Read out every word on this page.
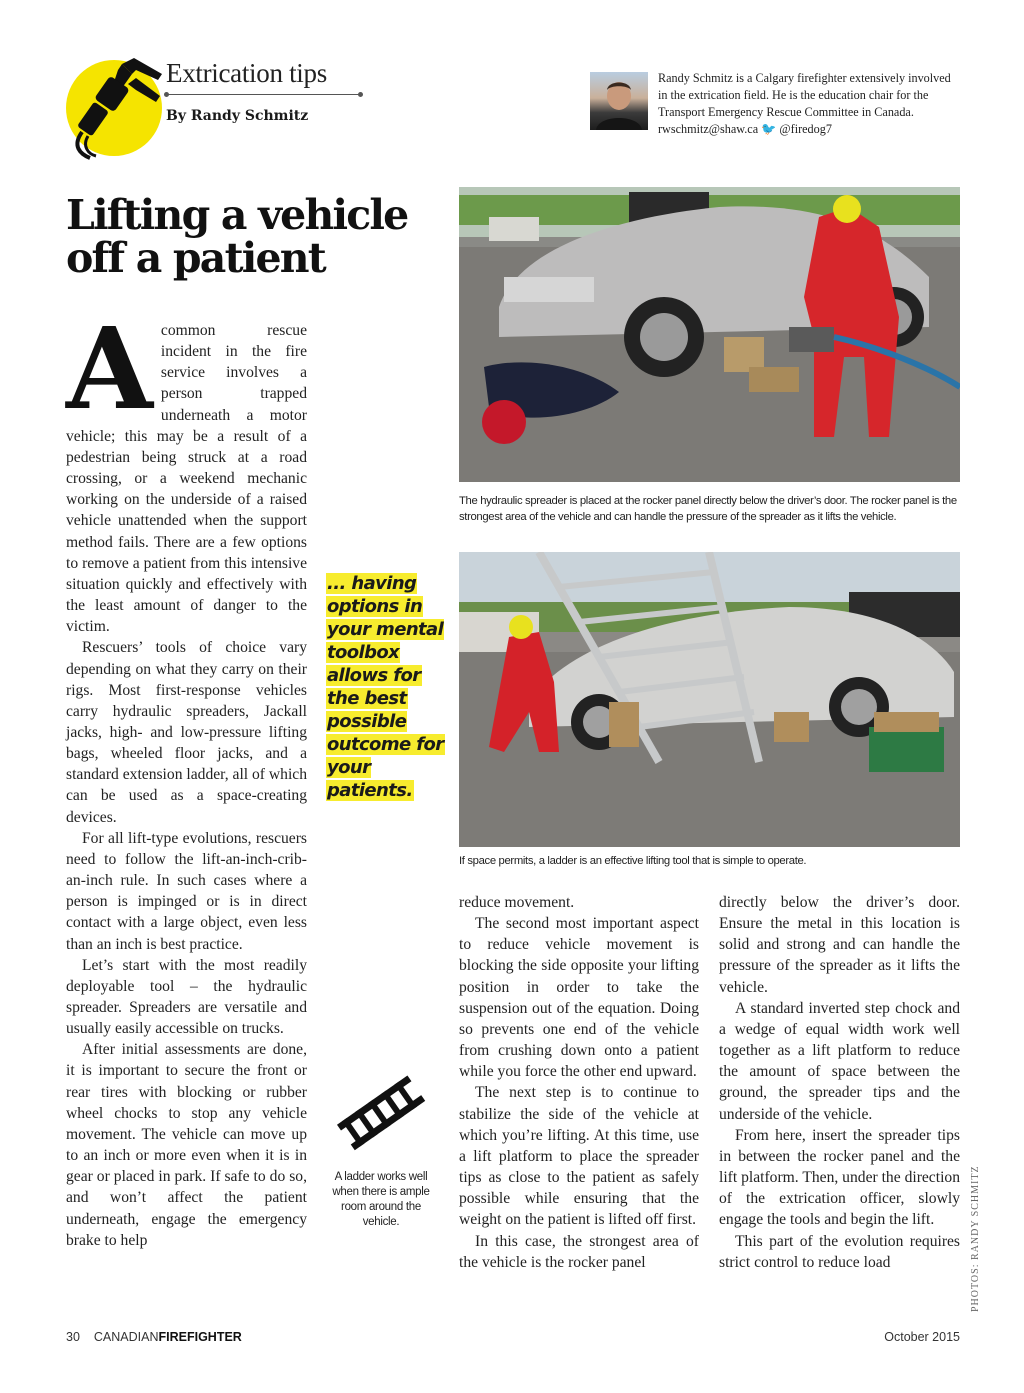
Extrication tips
By Randy Schmitz
Randy Schmitz is a Calgary firefighter extensively involved in the extrication field. He is the education chair for the Transport Emergency Rescue Committee in Canada. rwschmitz@shaw.ca 🐦 @firedog7
Lifting a vehicle off a patient

Acommon rescue incident in the fire service involves a person trapped underneath a motor vehicle; this may be a result of a pedestrian being struck at a road crossing, or a weekend mechanic working on the underside of a raised vehicle unattended when the support method fails. There are a few options to remove a patient from this intensive situation quickly and effectively with the least amount of danger to the victim.

Rescuers’ tools of choice vary depending on what they carry on their rigs. Most first-response vehicles carry hydraulic spreaders, Jackall jacks, high- and low-pressure lifting bags, wheeled floor jacks, and a standard extension ladder, all of which can be used as a space-creating devices.

For all lift-type evolutions, rescuers need to follow the lift-an-inch-crib-an-inch rule. In such cases where a person is impinged or is in direct contact with a large object, even less than an inch is best practice.

Let’s start with the most readily deployable tool – the hydraulic spreader. Spreaders are versatile and usually easily accessible on trucks.

After initial assessments are done, it is important to secure the front or rear tires with blocking or rubber wheel chocks to stop any vehicle movement. The vehicle can move up to an inch or more even when it is in gear or placed in park. If safe to do so, and won’t affect the patient underneath, engage the emergency brake to help

... having options in your mental toolbox allows for the best possible outcome for your patients.
A ladder works well when there is ample room around the vehicle.
The hydraulic spreader is placed at the rocker panel directly below the driver’s door. The rocker panel is the strongest area of the vehicle and can handle the pressure of the spreader as it lifts the vehicle.
If space permits, a ladder is an effective lifting tool that is simple to operate.

reduce movement.

The second most important aspect to reduce vehicle movement is blocking the side opposite your lifting position in order to take the suspension out of the equation. Doing so prevents one end of the vehicle from crushing down onto a patient while you force the other end upward.

The next step is to continue to stabilize the side of the vehicle at which you’re lifting. At this time, use a lift platform to place the spreader tips as close to the patient as safely possible while ensuring that the weight on the patient is lifted off first.

In this case, the strongest area of the vehicle is the rocker panel

directly below the driver’s door. Ensure the metal in this location is solid and strong and can handle the pressure of the spreader as it lifts the vehicle.

A standard inverted step chock and a wedge of equal width work well together as a lift platform to reduce the amount of space between the ground, the spreader tips and the underside of the vehicle.

From here, insert the spreader tips in between the rocker panel and the lift platform. Then, under the direction of the extrication officer, slowly engage the tools and begin the lift.

This part of the evolution requires strict control to reduce load	PHOTOS: RANDY SCHMITZ
30 CANADIANFIREFIGHTER	October 2015
